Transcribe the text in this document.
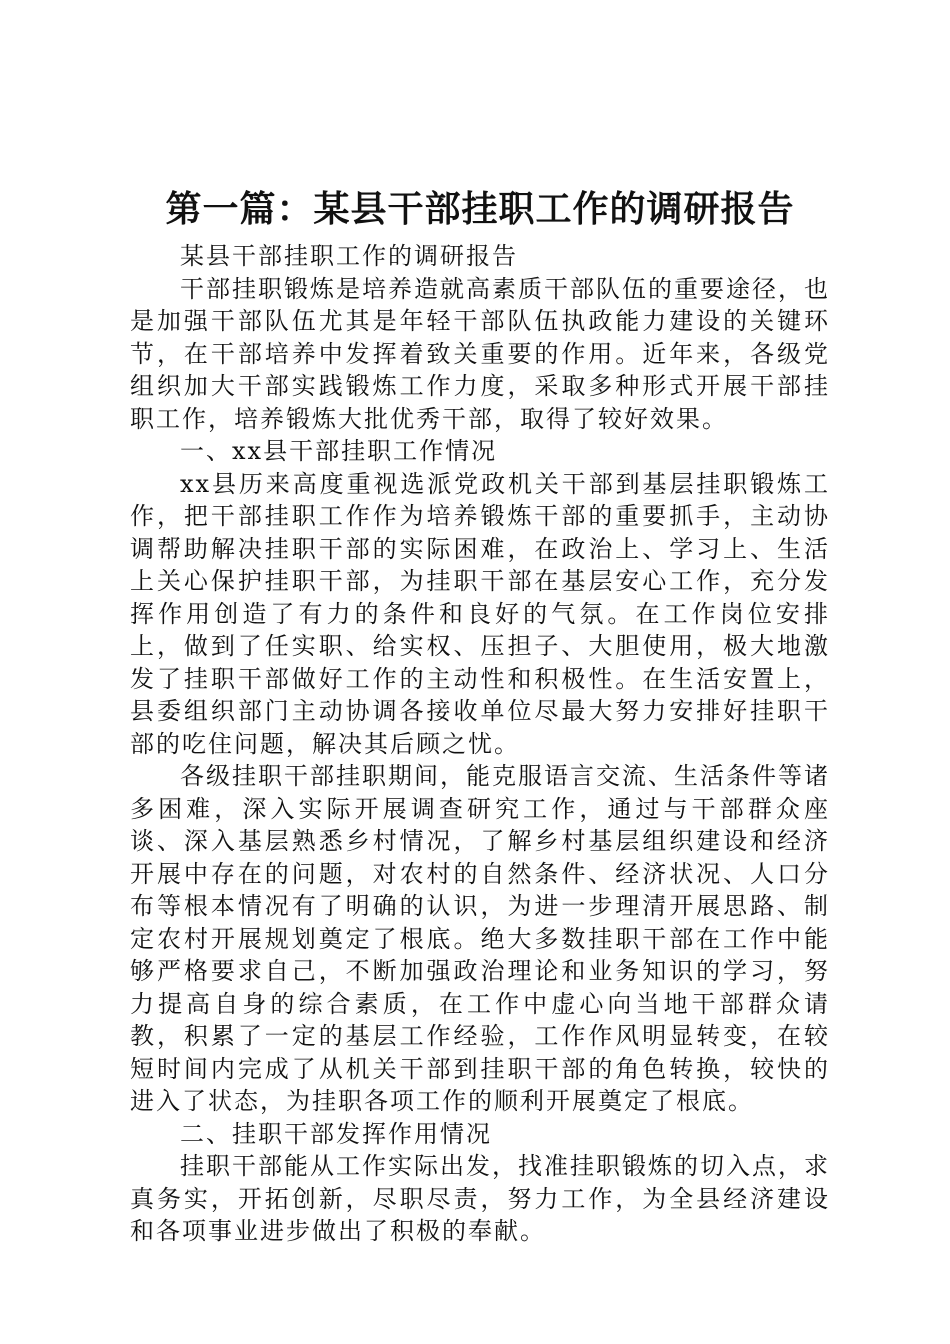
第一篇：某县干部挂职工作的调研报告

某县干部挂职工作的调研报告

干部挂职锻炼是培养造就高素质干部队伍的重要途径，也是加强干部队伍尤其是年轻干部队伍执政能力建设的关键环节，在干部培养中发挥着致关重要的作用。近年来，各级党组织加大干部实践锻炼工作力度，采取多种形式开展干部挂职工作，培养锻炼大批优秀干部，取得了较好效果。

一、xx县干部挂职工作情况

xx县历来高度重视选派党政机关干部到基层挂职锻炼工作，把干部挂职工作作为培养锻炼干部的重要抓手，主动协调帮助解决挂职干部的实际困难，在政治上、学习上、生活上关心保护挂职干部，为挂职干部在基层安心工作，充分发挥作用创造了有力的条件和良好的气氛。在工作岗位安排上，做到了任实职、给实权、压担子、大胆使用，极大地激发了挂职干部做好工作的主动性和积极性。在生活安置上，县委组织部门主动协调各接收单位尽最大努力安排好挂职干部的吃住问题，解决其后顾之忧。

各级挂职干部挂职期间，能克服语言交流、生活条件等诸多困难，深入实际开展调查研究工作，通过与干部群众座谈、深入基层熟悉乡村情况，了解乡村基层组织建设和经济开展中存在的问题，对农村的自然条件、经济状况、人口分布等根本情况有了明确的认识，为进一步理清开展思路、制定农村开展规划奠定了根底。绝大多数挂职干部在工作中能够严格要求自己，不断加强政治理论和业务知识的学习，努力提高自身的综合素质，在工作中虚心向当地干部群众请教，积累了一定的基层工作经验，工作作风明显转变，在较短时间内完成了从机关干部到挂职干部的角色转换，较快的进入了状态，为挂职各项工作的顺利开展奠定了根底。

二、挂职干部发挥作用情况

挂职干部能从工作实际出发，找准挂职锻炼的切入点，求真务实，开拓创新，尽职尽责，努力工作，为全县经济建设和各项事业进步做出了积极的奉献。
